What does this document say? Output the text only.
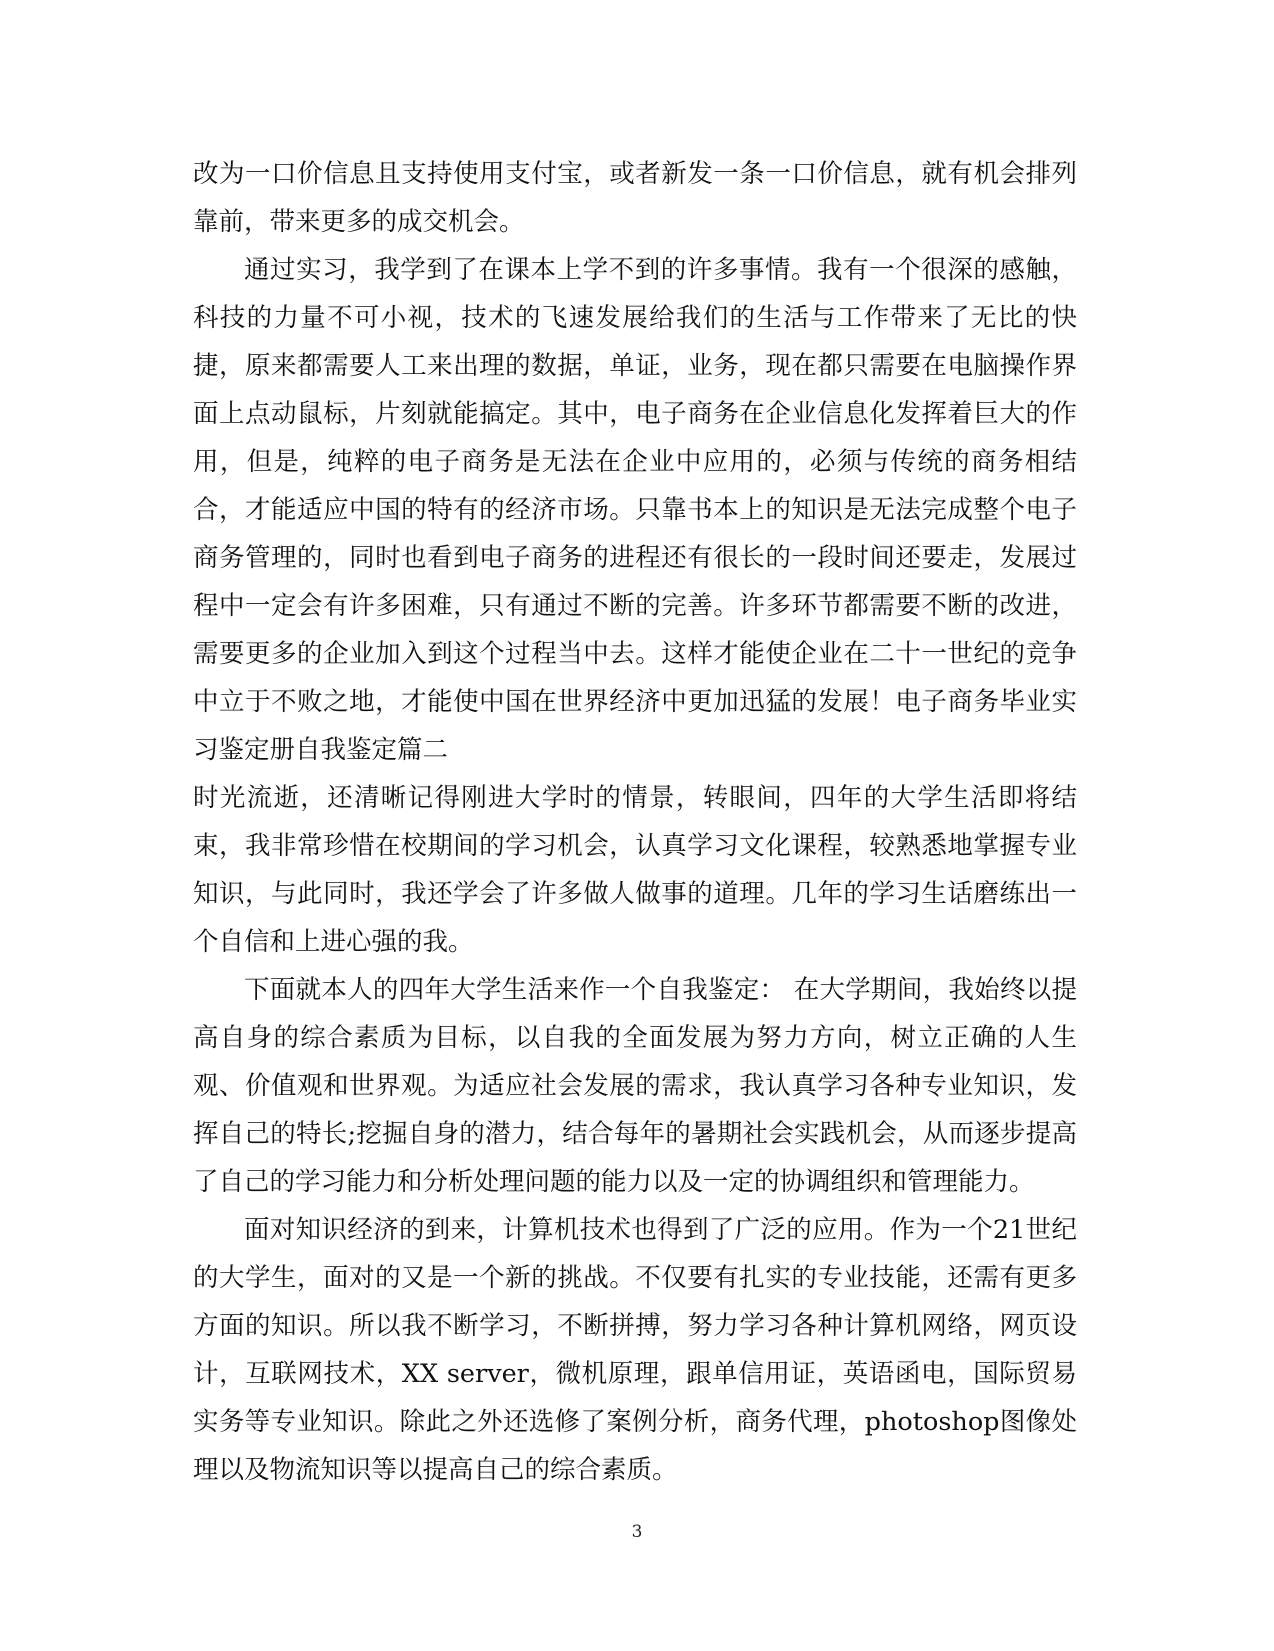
改为一口价信息且支持使用支付宝，或者新发一条一口价信息，就有机会排列靠前，带来更多的成交机会。

通过实习，我学到了在课本上学不到的许多事情。我有一个很深的感触，科技的力量不可小视，技术的飞速发展给我们的生活与工作带来了无比的快捷，原来都需要人工来出理的数据，单证，业务，现在都只需要在电脑操作界面上点动鼠标，片刻就能搞定。其中，电子商务在企业信息化发挥着巨大的作用，但是，纯粹的电子商务是无法在企业中应用的，必须与传统的商务相结合，才能适应中国的特有的经济市场。只靠书本上的知识是无法完成整个电子商务管理的，同时也看到电子商务的进程还有很长的一段时间还要走，发展过程中一定会有许多困难，只有通过不断的完善。许多环节都需要不断的改进，需要更多的企业加入到这个过程当中去。这样才能使企业在二十一世纪的竞争中立于不败之地，才能使中国在世界经济中更加迅猛的发展！电子商务毕业实习鉴定册自我鉴定篇二

时光流逝，还清晰记得刚进大学时的情景，转眼间，四年的大学生活即将结束，我非常珍惜在校期间的学习机会，认真学习文化课程，较熟悉地掌握专业知识，与此同时，我还学会了许多做人做事的道理。几年的学习生话磨练出一个自信和上进心强的我。

下面就本人的四年大学生活来作一个自我鉴定： 在大学期间，我始终以提高自身的综合素质为目标，以自我的全面发展为努力方向，树立正确的人生观、价值观和世界观。为适应社会发展的需求，我认真学习各种专业知识，发挥自己的特长;挖掘自身的潜力，结合每年的暑期社会实践机会，从而逐步提高了自己的学习能力和分析处理问题的能力以及一定的协调组织和管理能力。

面对知识经济的到来，计算机技术也得到了广泛的应用。作为一个21世纪的大学生，面对的又是一个新的挑战。不仅要有扎实的专业技能，还需有更多方面的知识。所以我不断学习，不断拼搏，努力学习各种计算机网络，网页设计，互联网技术，XX server，微机原理，跟单信用证，英语函电，国际贸易实务等专业知识。除此之外还选修了案例分析，商务代理，photoshop图像处理以及物流知识等以提高自己的综合素质。

3
